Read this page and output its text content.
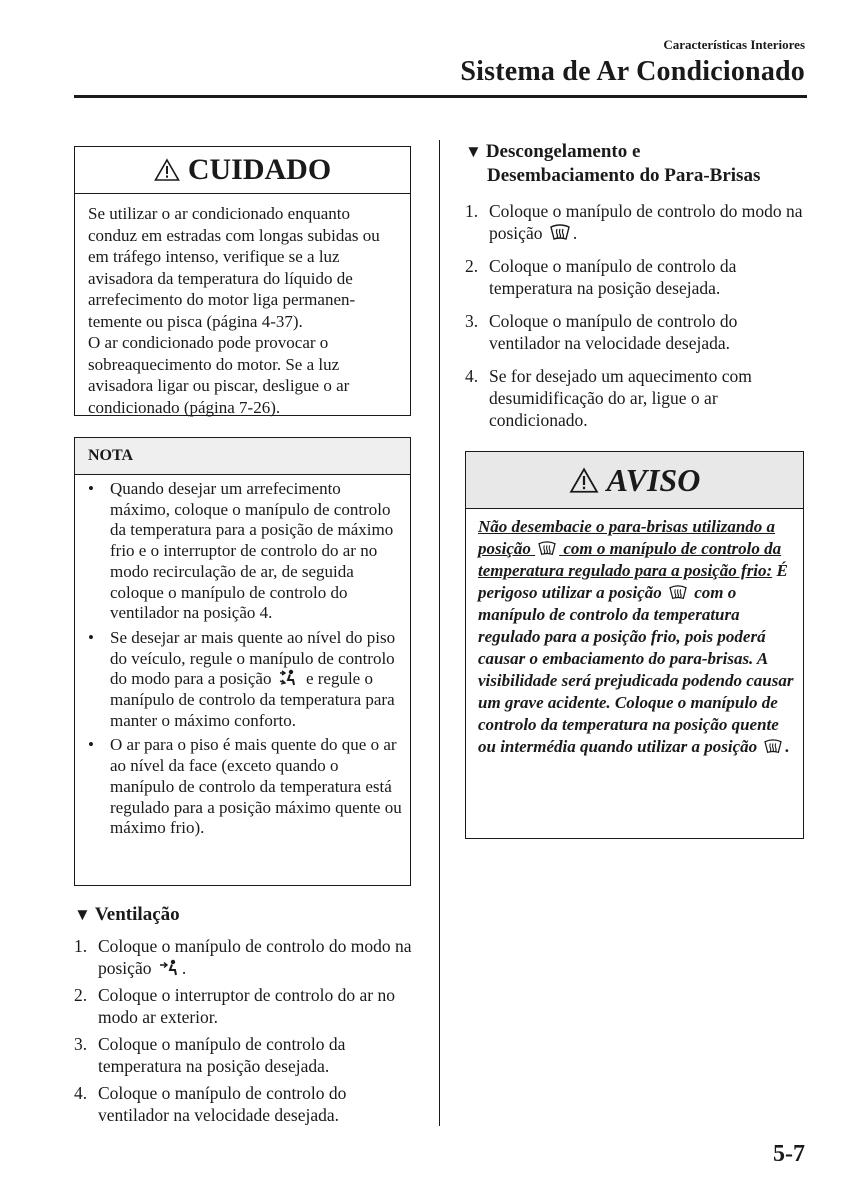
Características Interiores
Sistema de Ar Condicionado
CUIDADO

Se utilizar o ar condicionado enquanto conduz em estradas com longas subidas ou em tráfego intenso, verifique se a luz avisadora da temperatura do líquido de arrefecimento do motor liga permanen- temente ou pisca (página 4-37).

O ar condicionado pode provocar o sobreaquecimento do motor. Se a luz avisadora ligar ou piscar, desligue o ar condicionado (página 7-26).

NOTA
• Quando desejar um arrefecimento máximo, coloque o manípulo de controlo da temperatura para a posição de máximo frio e o interruptor de controlo do ar no modo recirculação de ar, de seguida coloque o manípulo de controlo do ventilador na posição 4.
• Se desejar ar mais quente ao nível do piso do veículo, regule o manípulo de controlo do modo para a posição e regule o manípulo de controlo da temperatura para manter o máximo conforto.
• O ar para o piso é mais quente do que o ar ao nível da face (exceto quando o manípulo de controlo da temperatura está regulado para a posição máximo quente ou máximo frio).
▼ Ventilação
1. Coloque o manípulo de controlo do modo na posição .
2. Coloque o interruptor de controlo do ar no modo ar exterior.
3. Coloque o manípulo de controlo da temperatura na posição desejada.
4. Coloque o manípulo de controlo do ventilador na velocidade desejada.
▼ Descongelamento e
Desembaciamento do Para-Brisas
1. Coloque o manípulo de controlo do modo na posição .
2. Coloque o manípulo de controlo da temperatura na posição desejada.
3. Coloque o manípulo de controlo do ventilador na velocidade desejada.
4. Se for desejado um aquecimento com desumidificação do ar, ligue o ar condicionado.
AVISO
Não desembacie o para-brisas utilizando a posição com o manípulo de controlo da temperatura regulado para a posição frio: É perigoso utilizar a posição com o manípulo de controlo da temperatura regulado para a posição frio, pois poderá causar o embaciamento do para-brisas. A visibilidade será prejudicada podendo causar um grave acidente. Coloque o manípulo de controlo da temperatura na posição quente ou intermédia quando utilizar a posição .
5-7
